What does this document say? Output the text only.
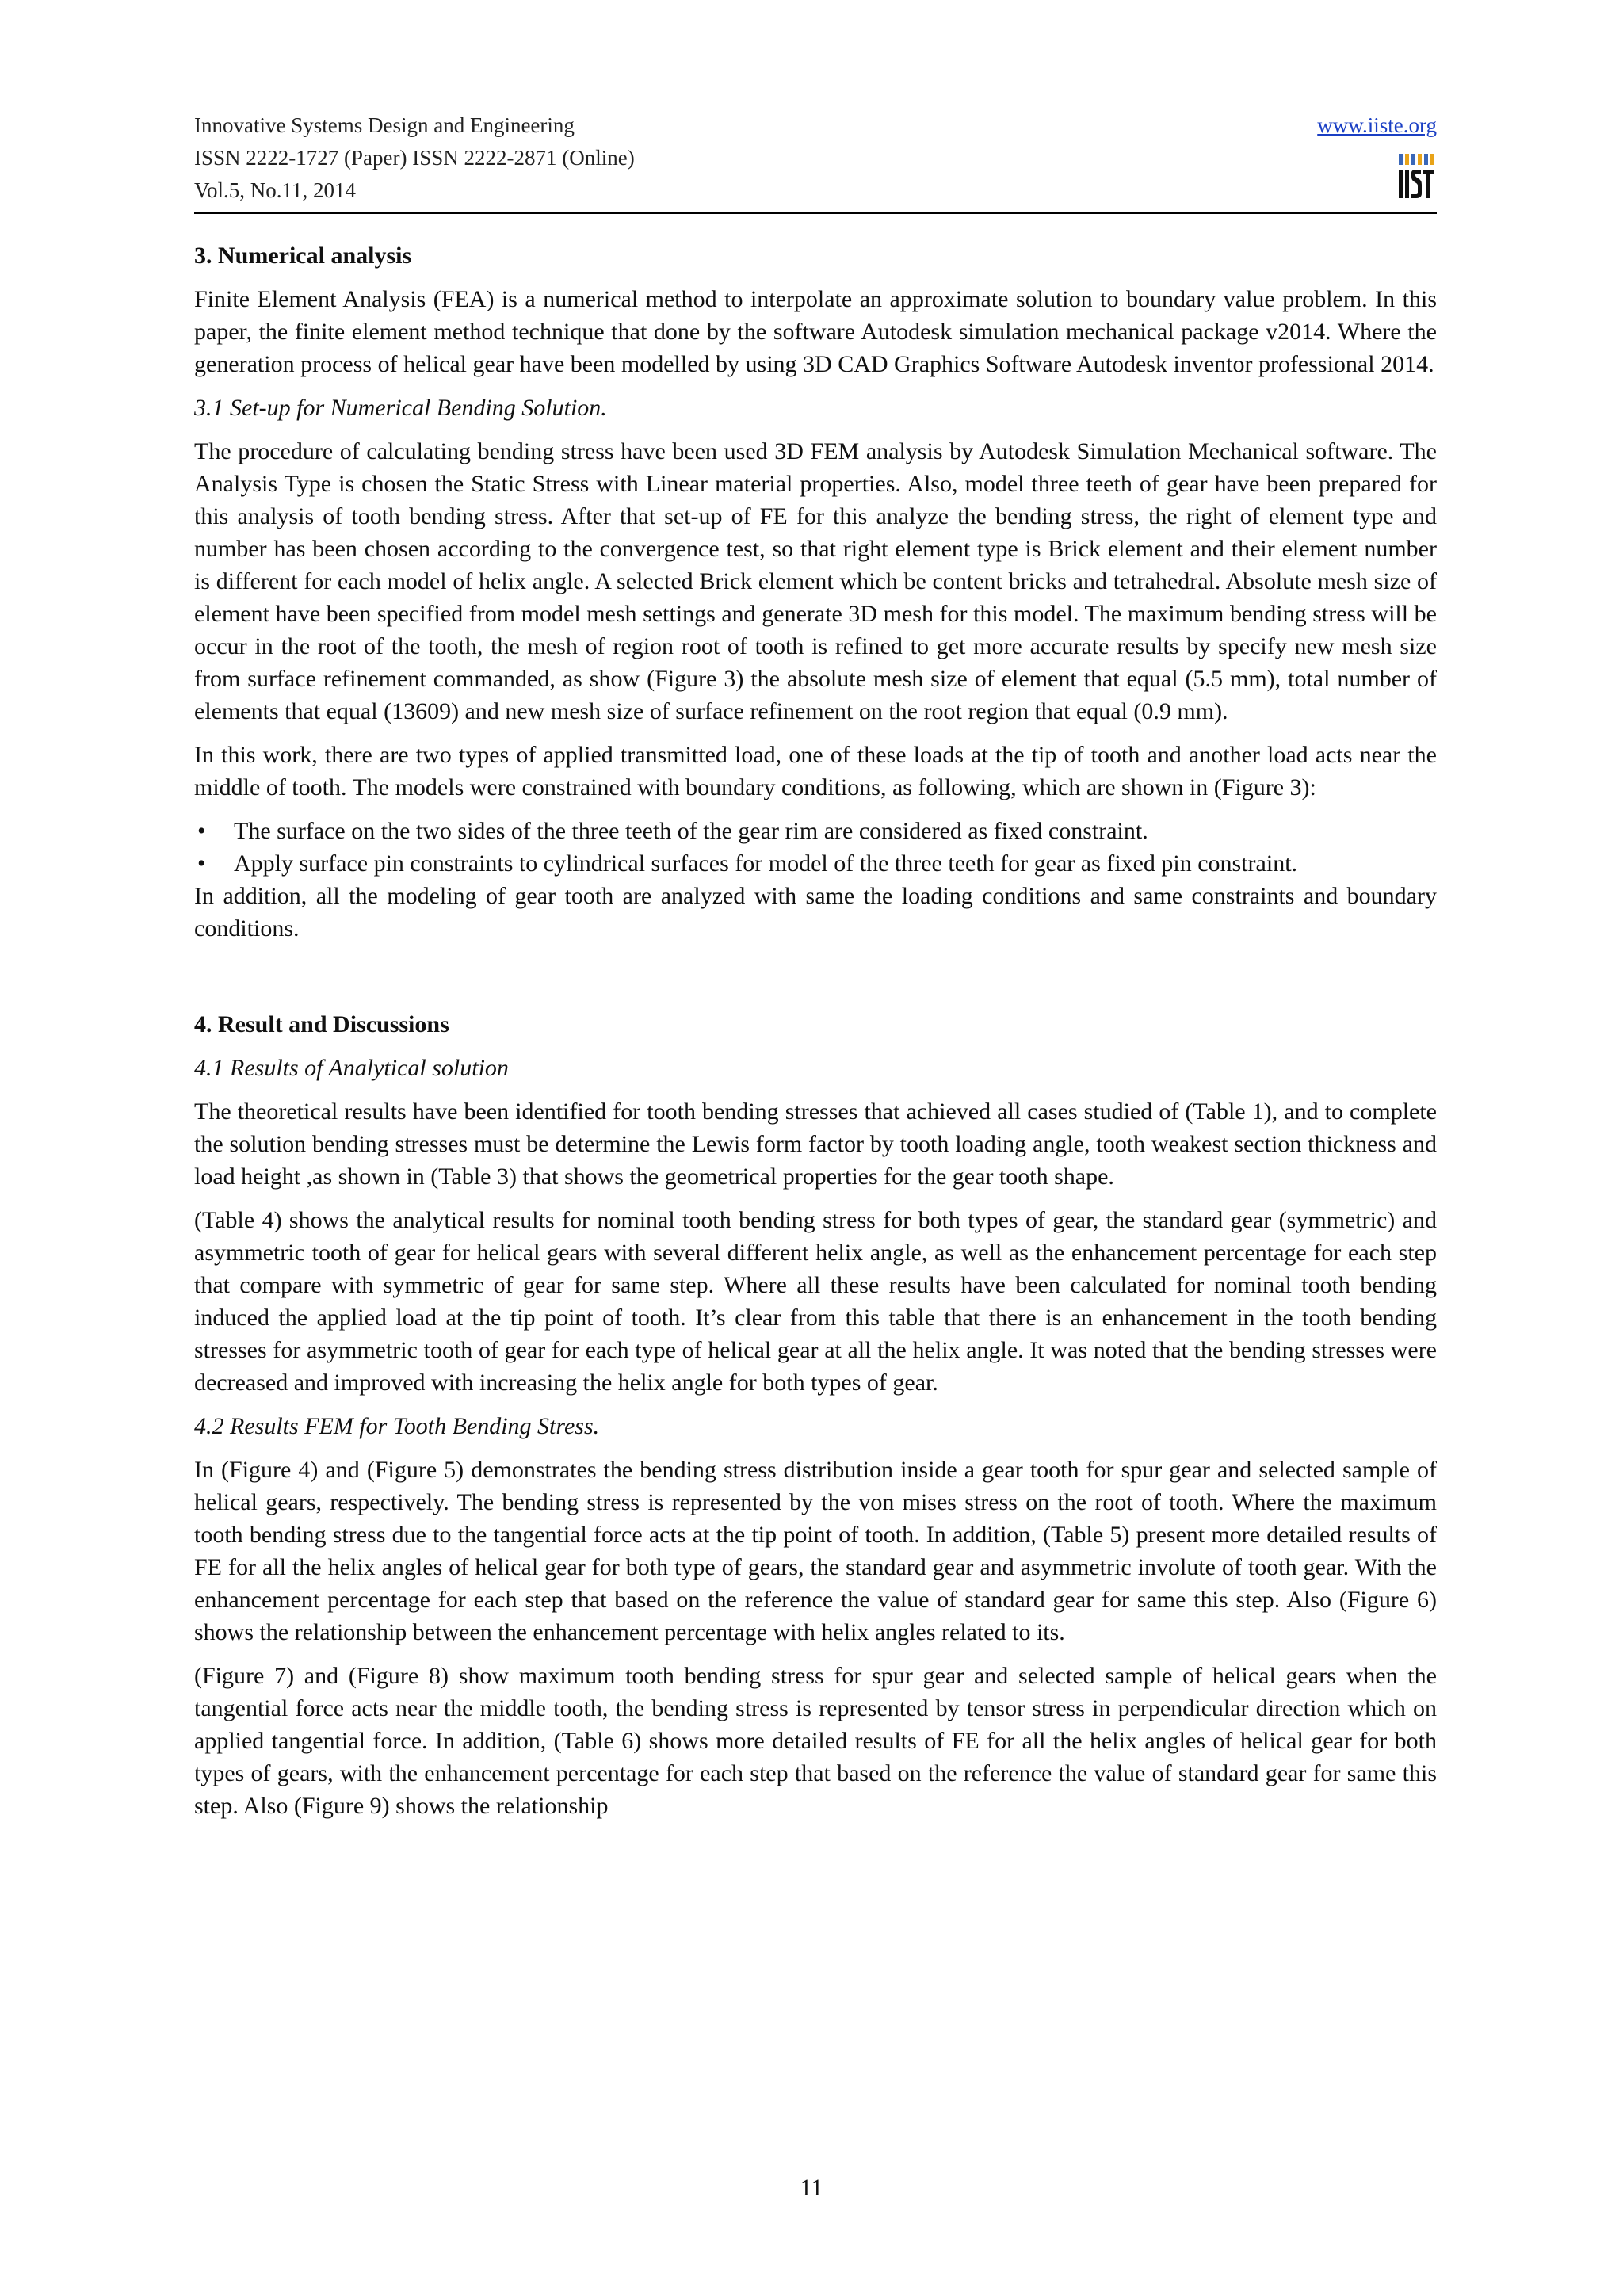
Innovative Systems Design and Engineering
ISSN 2222-1727 (Paper) ISSN 2222-2871 (Online)
Vol.5, No.11, 2014
www.iiste.org
3. Numerical analysis

Finite Element Analysis (FEA) is a numerical method to interpolate an approximate solution to boundary value problem. In this paper, the finite element method technique that done by the software Autodesk simulation mechanical package v2014. Where the generation process of helical gear have been modelled by using 3D CAD Graphics Software Autodesk inventor professional 2014.

3.1 Set-up for Numerical Bending Solution.

The procedure of calculating bending stress have been used 3D FEM analysis by Autodesk Simulation Mechanical software. The Analysis Type is chosen the Static Stress with Linear material properties. Also, model three teeth of gear have been prepared for this analysis of tooth bending stress. After that set-up of FE for this analyze the bending stress, the right of element type and number has been chosen according to the convergence test, so that right element type is Brick element and their element number is different for each model of helix angle. A selected Brick element which be content bricks and tetrahedral. Absolute mesh size of element have been specified from model mesh settings and generate 3D mesh for this model. The maximum bending stress will be occur in the root of the tooth, the mesh of region root of tooth is refined to get more accurate results by specify new mesh size from surface refinement commanded, as show (Figure 3) the absolute mesh size of element that equal (5.5 mm), total number of elements that equal (13609) and new mesh size of surface refinement on the root region that equal (0.9 mm).

In this work, there are two types of applied transmitted load, one of these loads at the tip of tooth and another load acts near the middle of tooth. The models were constrained with boundary conditions, as following, which are shown in (Figure 3):

• The surface on the two sides of the three teeth of the gear rim are considered as fixed constraint.
• Apply surface pin constraints to cylindrical surfaces for model of the three teeth for gear as fixed pin constraint.

In addition, all the modeling of gear tooth are analyzed with same the loading conditions and same constraints and boundary conditions.

4. Result and Discussions
4.1 Results of Analytical solution

The theoretical results have been identified for tooth bending stresses that achieved all cases studied of (Table 1), and to complete the solution bending stresses must be determine the Lewis form factor by tooth loading angle, tooth weakest section thickness and load height ,as shown in (Table 3) that shows the geometrical properties for the gear tooth shape.

(Table 4) shows the analytical results for nominal tooth bending stress for both types of gear, the standard gear (symmetric) and asymmetric tooth of gear for helical gears with several different helix angle, as well as the enhancement percentage for each step that compare with symmetric of gear for same step. Where all these results have been calculated for nominal tooth bending induced the applied load at the tip point of tooth. It’s clear from this table that there is an enhancement in the tooth bending stresses for asymmetric tooth of gear for each type of helical gear at all the helix angle. It was noted that the bending stresses were decreased and improved with increasing the helix angle for both types of gear.

4.2 Results FEM for Tooth Bending Stress.

In (Figure 4) and (Figure 5) demonstrates the bending stress distribution inside a gear tooth for spur gear and selected sample of helical gears, respectively. The bending stress is represented by the von mises stress on the root of tooth. Where the maximum tooth bending stress due to the tangential force acts at the tip point of tooth. In addition, (Table 5) present more detailed results of FE for all the helix angles of helical gear for both type of gears, the standard gear and asymmetric involute of tooth gear. With the enhancement percentage for each step that based on the reference the value of standard gear for same this step. Also (Figure 6) shows the relationship between the enhancement percentage with helix angles related to its.

(Figure 7) and (Figure 8) show maximum tooth bending stress for spur gear and selected sample of helical gears when the tangential force acts near the middle tooth, the bending stress is represented by tensor stress in perpendicular direction which on applied tangential force. In addition, (Table 6) shows more detailed results of FE for all the helix angles of helical gear for both types of gears, with the enhancement percentage for each step that based on the reference the value of standard gear for same this step. Also (Figure 9) shows the relationship

11
